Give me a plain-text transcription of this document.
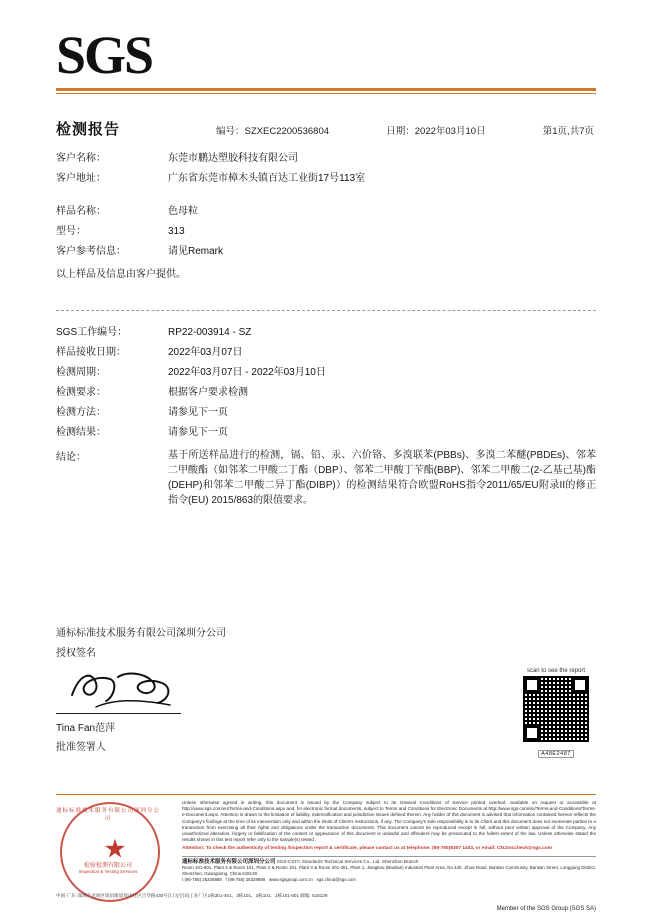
SGS
检测报告	编号：SZXEC2200536804	日期：2022年03月10日	第1页,共7页
客户名称：	东莞市鹏达塑胶科技有限公司
客户地址：	广东省东莞市樟木头镇百达工业街17号113室
样品名称：	色母粒
型号：	313
客户参考信息：	请见Remark
以上样品及信息由客户提供。
SGS工作编号：	RP22-003914 - SZ
样品接收日期：	2022年03月07日
检测周期：	2022年03月07日 - 2022年03月10日
检测要求：	根据客户要求检测
检测方法：	请参见下一页
检测结果：	请参见下一页
结论：	基于所送样品进行的检测，镉、铅、汞、六价铬、多溴联苯(PBBs)、多溴二苯醚(PBDEs)、邻苯二甲酸酯（如邻苯二甲酸二丁酯（DBP）、邻苯二甲酸丁苄酯(BBP)、邻苯二甲酸二(2-乙基己基)酯(DEHP)和邻苯二甲酸二异丁酯(DIBP)）的检测结果符合欧盟RoHS指令2011/65/EU附录II的修正指令(EU) 2015/863的限值要求。
通标标准技术服务有限公司深圳分公司
授权签名
Tina Fan范萍
批准签署人
scan to see the report
A48E2487
通标标准技术服务有限公司深圳分公司
★
检验检测有限公司
Inspection & Testing Services

Unless otherwise agreed in writing, this document is issued by the Company subject to its General Conditions of Service printed overleaf, available on request or accessible at http://www.sgs.com/en/Terms-and-Conditions.aspx and, for electronic format documents, subject to Terms and Conditions for Electronic Documents at http://www.sgs.com/en/Terms-and-Conditions/Terms-e-Document.aspx. Attention is drawn to the limitation of liability, indemnification and jurisdiction issues defined therein. Any holder of this document is advised that information contained hereon reflects the Company's findings at the time of its intervention only and within the limits of Client's instructions, if any. The Company's sole responsibility is to its Client and this document does not exonerate parties to a transaction from exercising all their rights and obligations under the transaction documents. This document cannot be reproduced except in full, without prior written approval of the Company. Any unauthorized alteration, forgery or falsification of the content or appearance of this document is unlawful and offenders may be prosecuted to the fullest extent of the law. Unless otherwise stated the results shown in this test report refer only to the sample(s) tested .

Attention: To check the authenticity of testing /inspection report & certificate, please contact us at telephone: (86-755)8307 1443, or email: CN.Doccheck@sgs.com
通标标准技术服务有限公司深圳分公司 SGS-CSTC Standards Technical Services Co., Ltd. Shenzhen Branch
Room 101-601, Plant 4 & Room 101, Plant 2 & Room 101, Plant 3 & Room 301-401, Plant 1, Jiangkou (Baotian) Industrial Plant Area, No.430, Jihua Road, Bantian Community, Bantian Street, Longgang District, Shenzhen, Guangdong, China 518129
t (86-755) 25328888 f (86-755) 25328888 www.sgsgroup.com.cn sgs.china@sgs.com
中国·广东·深圳市龙岗区坂田街道坂田社区吉华路430号江口(宝田)工业厂区1栋301-401、3栋101、3栋101、2栋101-601 邮编: 518129
Member of the SGS Group (SGS SA)
